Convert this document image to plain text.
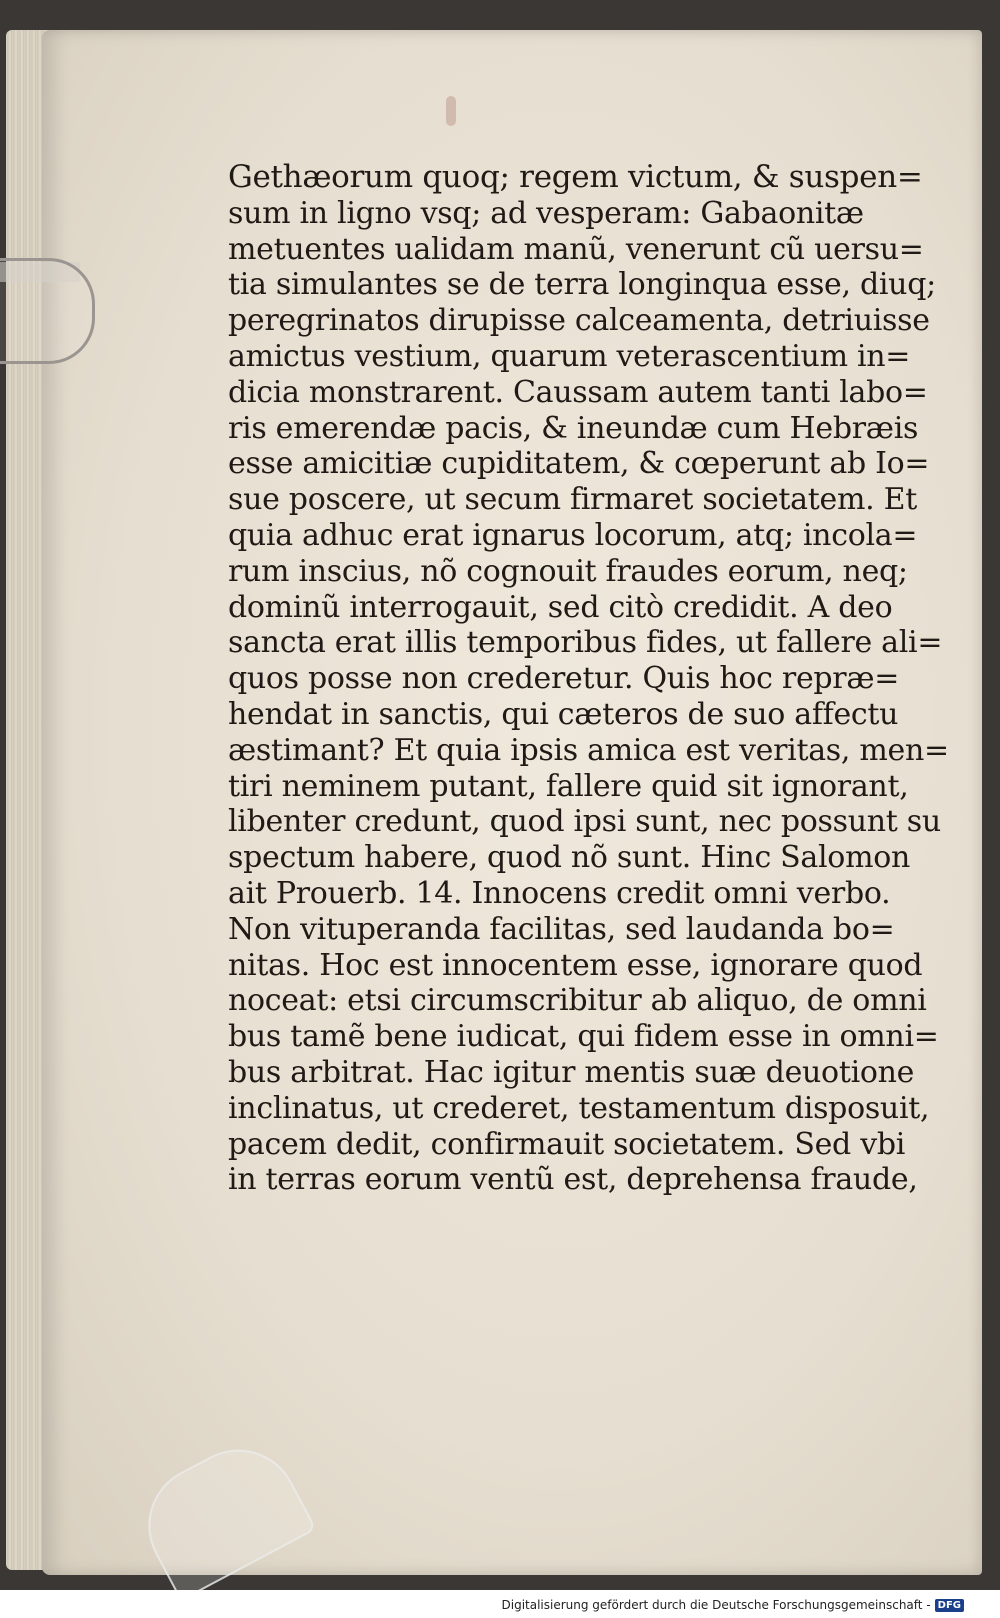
Gethæorum quoq; regem victum, & suspen=
sum in ligno vsq; ad vesperam: Gabaonitæ
metuentes ualidam manũ, venerunt cũ uersu=
tia simulantes se de terra longinqua esse, diuq;
peregrinatos dirupisse calceamenta, detriuisse
amictus vestium, quarum veterascentium in=
dicia monstrarent. Caussam autem tanti labo=
ris emerendæ pacis, & ineundæ cum Hebræis
esse amicitiæ cupiditatem, & cœperunt ab Io=
sue poscere, ut secum firmaret societatem. Et
quia adhuc erat ignarus locorum, atq; incola=
rum inscius, nõ cognouit fraudes eorum, neq;
dominũ interrogauit, sed citò credidit. A deo
sancta erat illis temporibus fides, ut fallere ali=
quos posse non crederetur. Quis hoc repræ=
hendat in sanctis, qui cæteros de suo affectu
æstimant? Et quia ipsis amica est veritas, men=
tiri neminem putant, fallere quid sit ignorant,
libenter credunt, quod ipsi sunt, nec possunt su
spectum habere, quod nõ sunt. Hinc Salomon
ait Prouerb. 14. Innocens credit omni verbo.
Non vituperanda facilitas, sed laudanda bo=
nitas. Hoc est innocentem esse, ignorare quod
noceat: etsi circumscribitur ab aliquo, de omni
bus tamẽ bene iudicat, qui fidem esse in omni=
bus arbitrat. Hac igitur mentis suæ deuotione
inclinatus, ut crederet, testamentum disposuit,
pacem dedit, confirmauit societatem. Sed vbi
in terras eorum ventũ est, deprehensa fraude,
Digitalisierung gefördert durch die Deutsche Forschungsgemeinschaft - DFG
